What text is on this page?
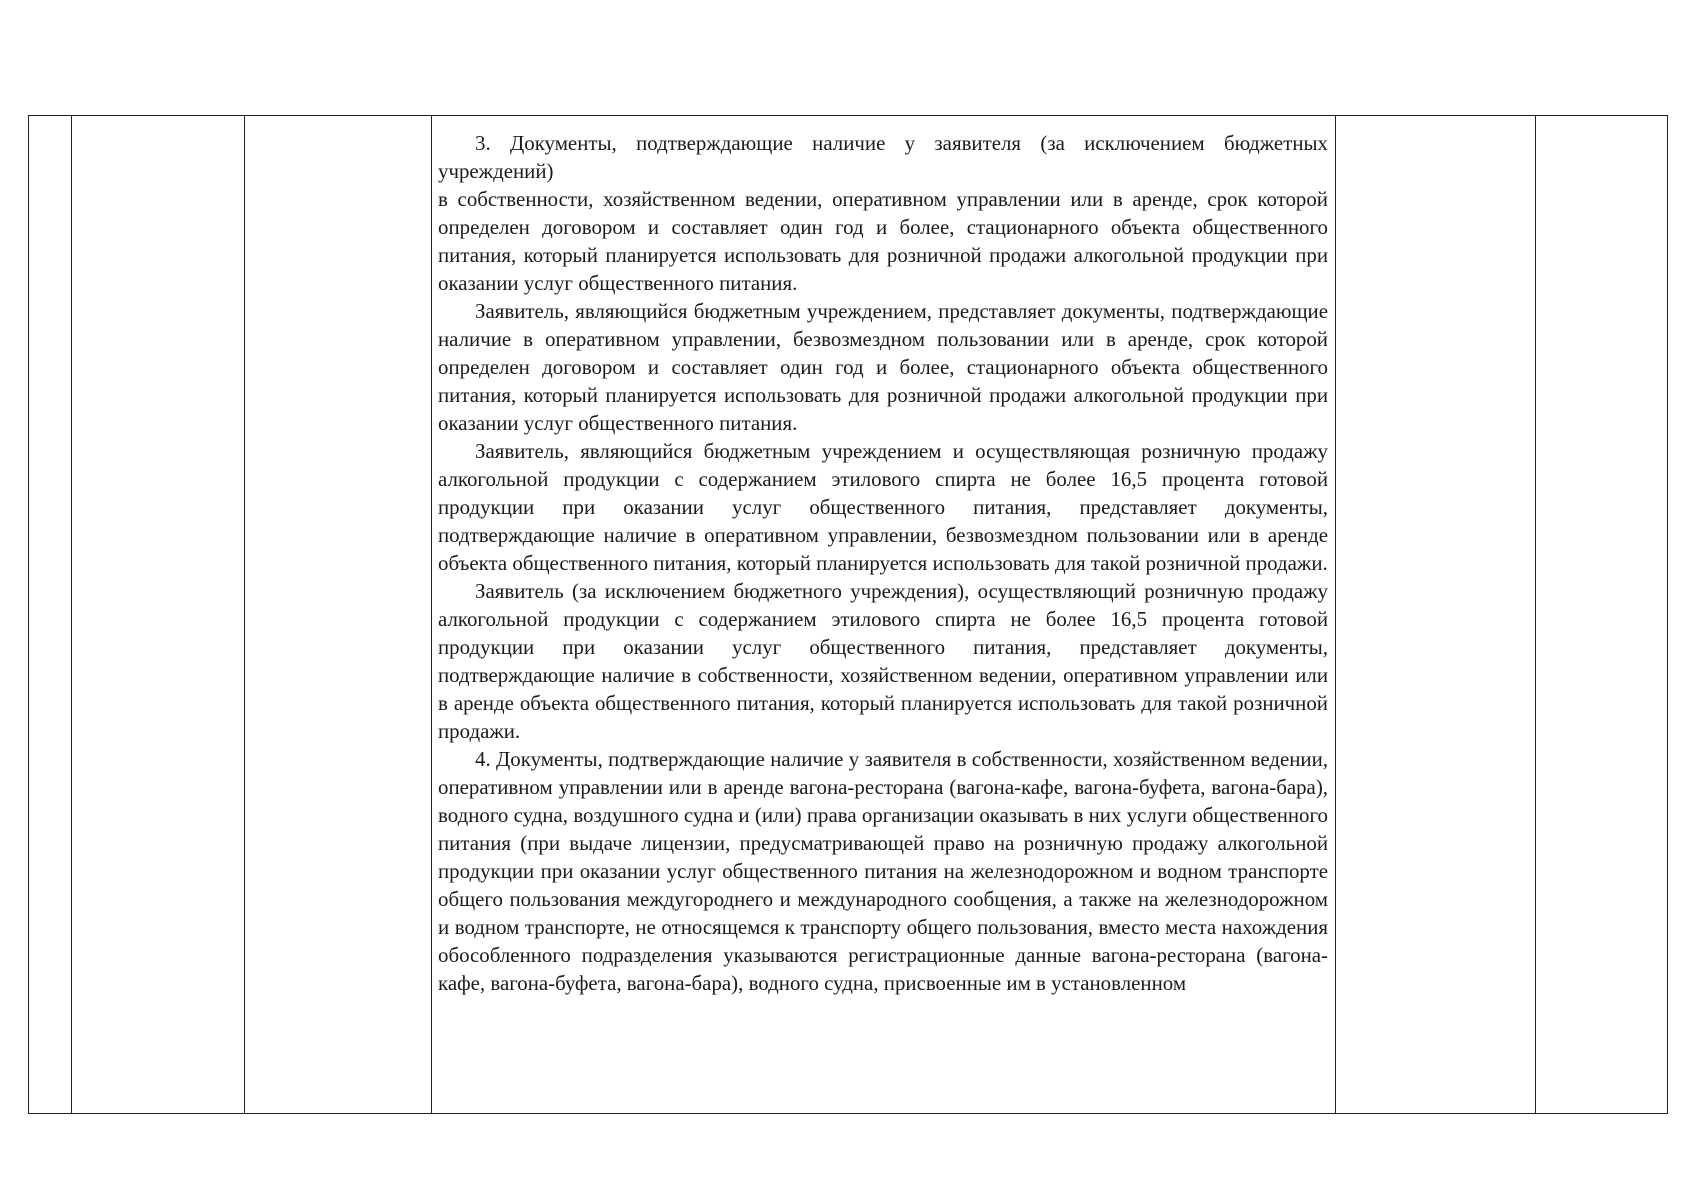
3. Документы, подтверждающие наличие у заявителя (за исключением бюджетных учреждений)

в собственности, хозяйственном ведении, оперативном управлении или в аренде, срок которой определен договором и составляет один год и более, стационарного объекта общественного питания, который планируется использовать для розничной продажи алкогольной продукции при оказании услуг общественного питания.

Заявитель, являющийся бюджетным учреждением, представляет документы, подтверждающие наличие в оперативном управлении, безвозмездном пользовании или в аренде, срок которой определен договором и составляет один год и более, стационарного объекта общественного питания, который планируется использовать для розничной продажи алкогольной продукции при оказании услуг общественного питания.

Заявитель, являющийся бюджетным учреждением и осуществляющая розничную продажу алкогольной продукции с содержанием этилового спирта не более 16,5 процента готовой продукции при оказании услуг общественного питания, представляет документы, подтверждающие наличие в оперативном управлении, безвозмездном пользовании или в аренде объекта общественного питания, который планируется использовать для такой розничной продажи.

Заявитель (за исключением бюджетного учреждения), осуществляющий розничную продажу алкогольной продукции с содержанием этилового спирта не более 16,5 процента готовой продукции при оказании услуг общественного питания, представляет документы, подтверждающие наличие в собственности, хозяйственном ведении, оперативном управлении или в аренде объекта общественного питания, который планируется использовать для такой розничной продажи.

4. Документы, подтверждающие наличие у заявителя в собственности, хозяйственном ведении, оперативном управлении или в аренде вагона-ресторана (вагона-кафе, вагона-буфета, вагона-бара), водного судна, воздушного судна и (или) права организации оказывать в них услуги общественного питания (при выдаче лицензии, предусматривающей право на розничную продажу алкогольной продукции при оказании услуг общественного питания на железнодорожном и водном транспорте общего пользования междугороднего и международного сообщения, а также на железнодорожном и водном транспорте, не относящемся к транспорту общего пользования, вместо места нахождения обособленного подразделения указываются регистрационные данные вагона-ресторана (вагона-кафе, вагона-буфета, вагона-бара), водного судна, присвоенные им в установленном
